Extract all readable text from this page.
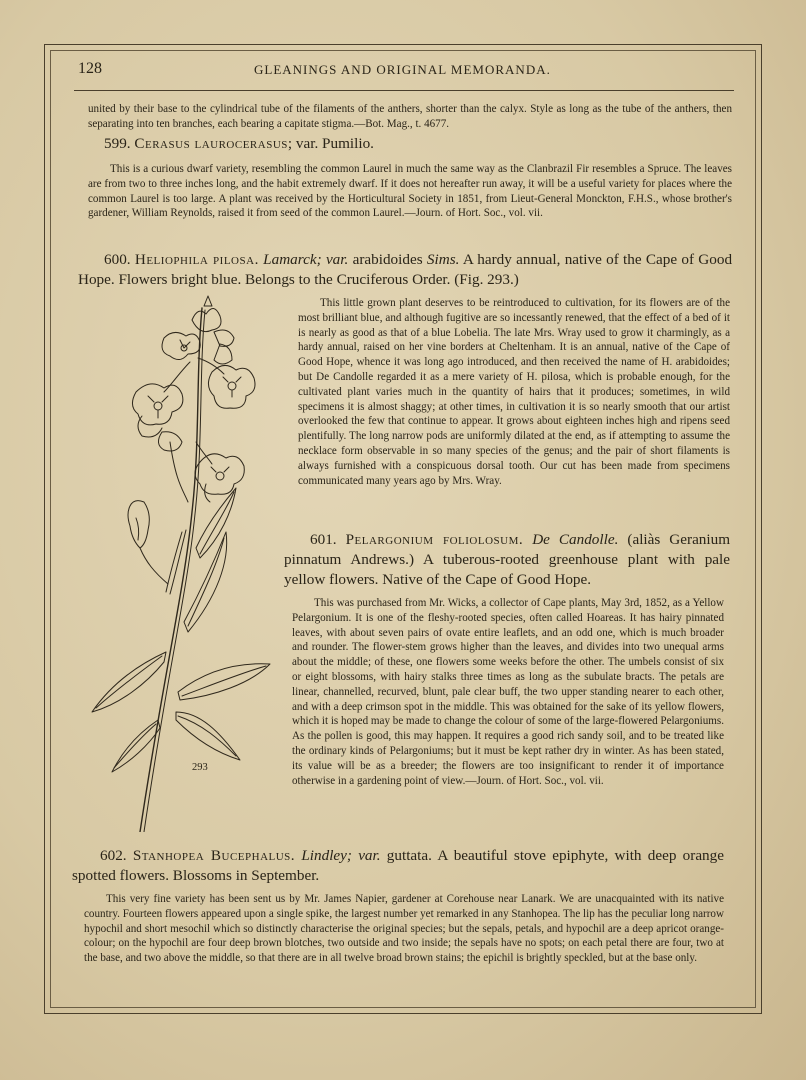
128	GLEANINGS AND ORIGINAL MEMORANDA.

united by their base to the cylindrical tube of the filaments of the anthers, shorter than the calyx. Style as long as the tube of the anthers, then separating into ten branches, each bearing a capitate stigma.—Bot. Mag., t. 4677.

599. Cerasus laurocerasus; var. Pumilio.

This is a curious dwarf variety, resembling the common Laurel in much the same way as the Clanbrazil Fir resembles a Spruce. The leaves are from two to three inches long, and the habit extremely dwarf. If it does not hereafter run away, it will be a useful variety for places where the common Laurel is too large. A plant was received by the Horticultural Society in 1851, from Lieut-General Monckton, F.H.S., whose brother's gardener, William Reynolds, raised it from seed of the common Laurel.—Journ. of Hort. Soc., vol. vii.

600. Heliophila pilosa. Lamarck; var. arabidoides Sims. A hardy annual, native of the Cape of Good Hope. Flowers bright blue. Belongs to the Cruciferous Order. (Fig. 293.)

This little grown plant deserves to be reintroduced to cultivation, for its flowers are of the most brilliant blue, and although fugitive are so incessantly renewed, that the effect of a bed of it is nearly as good as that of a blue Lobelia. The late Mrs. Wray used to grow it charmingly, as a hardy annual, raised on her vine borders at Cheltenham. It is an annual, native of the Cape of Good Hope, whence it was long ago introduced, and then received the name of H. arabidoides; but De Candolle regarded it as a mere variety of H. pilosa, which is probable enough, for the cultivated plant varies much in the quantity of hairs that it produces; sometimes, in wild specimens it is almost shaggy; at other times, in cultivation it is so nearly smooth that our artist overlooked the few that continue to appear. It grows about eighteen inches high and ripens seed plentifully. The long narrow pods are uniformly dilated at the end, as if attempting to assume the necklace form observable in so many species of the genus; and the pair of short filaments is always furnished with a conspicuous dorsal tooth. Our cut has been made from specimens communicated many years ago by Mrs. Wray.

601. Pelargonium foliolosum. De Candolle. (aliàs Geranium pinnatum Andrews.) A tuberous-rooted greenhouse plant with pale yellow flowers. Native of the Cape of Good Hope.

This was purchased from Mr. Wicks, a collector of Cape plants, May 3rd, 1852, as a Yellow Pelargonium. It is one of the fleshy-rooted species, often called Hoareas. It has hairy pinnated leaves, with about seven pairs of ovate entire leaflets, and an odd one, which is much broader and rounder. The flower-stem grows higher than the leaves, and divides into two unequal arms about the middle; of these, one flowers some weeks before the other. The umbels consist of six or eight blossoms, with hairy stalks three times as long as the subulate bracts. The petals are linear, channelled, recurved, blunt, pale clear buff, the two upper standing nearer to each other, and with a deep crimson spot in the middle. This was obtained for the sake of its yellow flowers, which it is hoped may be made to change the colour of some of the large-flowered Pelargoniums. As the pollen is good, this may happen. It requires a good rich sandy soil, and to be treated like the ordinary kinds of Pelargoniums; but it must be kept rather dry in winter. As has been stated, its value will be as a breeder; the flowers are too insignificant to render it of importance otherwise in a gardening point of view.—Journ. of Hort. Soc., vol. vii.

602. Stanhopea Bucephalus. Lindley; var. guttata. A beautiful stove epiphyte, with deep orange spotted flowers. Blossoms in September.

This very fine variety has been sent us by Mr. James Napier, gardener at Corehouse near Lanark. We are unacquainted with its native country. Fourteen flowers appeared upon a single spike, the largest number yet remarked in any Stanhopea. The lip has the peculiar long narrow hypochil and short mesochil which so distinctly characterise the original species; but the sepals, petals, and hypochil are a deep apricot orange-colour; on the hypochil are four deep brown blotches, two outside and two inside; the sepals have no spots; on each petal there are four, two at the base, and two above the middle, so that there are in all twelve broad brown stains; the epichil is brightly speckled, but at the base only.

293
